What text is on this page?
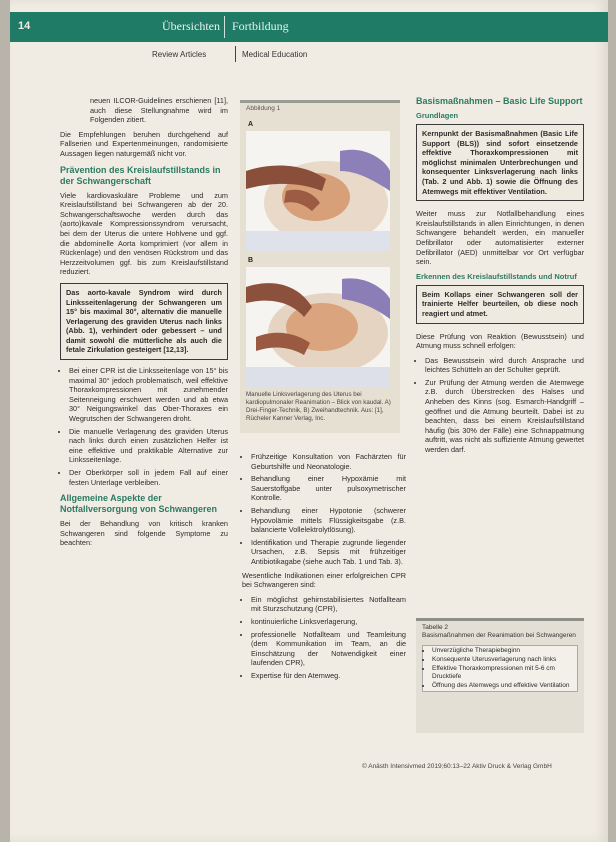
14	Übersichten Fortbildung
Review Articles	Medical Education

neuen ILCOR-Guidelines erschienen [11], auch diese Stellungnahme wird im Folgenden zitiert.

Die Empfehlungen beruhen durchgehend auf Fallserien und Expertenmeinungen, randomisierte Aussagen liegen naturgemäß nicht vor.

Prävention des Kreislaufstillstands in der Schwangerschaft

Viele kardiovaskuläre Probleme und zum Kreislaufstillstand bei Schwangeren ab der 20. Schwangerschaftswoche werden durch das (aorto)kavale Kompressionssyndrom verursacht, bei dem der Uterus die untere Hohlvene und ggf. die abdominelle Aorta komprimiert (vor allem in Rückenlage) und den venösen Rückstrom und das Herzzeitvolumen ggf. bis zum Kreislaufstillstand reduziert.

Das aorto-kavale Syndrom wird durch Linksseitenlagerung der Schwangeren um 15° bis maximal 30°, alternativ die manuelle Verlagerung des graviden Uterus nach links (Abb. 1), verhindert oder gebessert – und damit sowohl die mütterliche als auch die fetale Zirkulation gesteigert [12,13].

• Bei einer CPR ist die Linksseitenlage von 15° bis maximal 30° jedoch problematisch, weil effektive Thoraxkompressionen mit zunehmender Seitenneigung erschwert werden und ab etwa 30° Neigungswinkel das Ober-Thoraxes ein Wegrutschen der Schwangeren droht.
• Die manuelle Verlagerung des graviden Uterus nach links durch einen zusätzlichen Helfer ist eine effektive und praktikable Alternative zur Linksseitenlage.
• Der Oberkörper soll in jedem Fall auf einer festen Unterlage verbleiben.
Allgemeine Aspekte der Notfallversorgung von Schwangeren

Bei der Behandlung von kritisch kranken Schwangeren sind folgende Symptome zu beachten:

Abbildung 1
A
B
Manuelle Linksverlagerung des Uterus bei kardiopulmonaler Reanimation – Blick von kaudal. A) Drei-Finger-Technik, B) Zweihandtechnik. Aus: [1], Rücheler Kanner Verlag, Inc.
• Frühzeitige Konsultation von Fachärzten für Geburtshilfe und Neonatologie.
• Behandlung einer Hypoxämie mit Sauerstoffgabe unter pulsoxymetrischer Kontrolle.
• Behandlung einer Hypotonie (schwerer Hypovolämie mittels Flüssigkeitsgabe (z.B. balancierte Vollelektrolytlösung).
• Identifikation und Therapie zugrunde liegender Ursachen, z.B. Sepsis mit frühzeitiger Antibiotikagabe (siehe auch Tab. 1 und Tab. 3).

Wesentliche Indikationen einer erfolgreichen CPR bei Schwangeren sind:

• Ein möglichst gehirnstabilisiertes Notfallteam mit Sturzschutzung (CPR),
• kontinuierliche Linksverlagerung,
• professionelle Notfallteam und Teamleitung (dem Kommunikation im Team, an die Einschätzung der Notwendigkeit einer laufenden CPR),
• Expertise für den Atemweg.
Basismaßnahmen – Basic Life Support
Grundlagen

Kernpunkt der Basismaßnahmen (Basic Life Support (BLS)) sind sofort einsetzende effektive Thoraxkompressionen mit möglichst minimalen Unterbrechungen und konsequenter Linksverlagerung nach links (Tab. 2 und Abb. 1) sowie die Öffnung des Atemwegs mit effektiver Ventilation.

Weiter muss zur Notfallbehandlung eines Kreislaufstillstands in allen Einrichtungen, in denen Schwangere behandelt werden, ein manueller Defibrillator oder automatisierter externer Defibrillator (AED) unmittelbar vor Ort verfügbar sein.

Erkennen des Kreislaufstillstands und Notruf

Beim Kollaps einer Schwangeren soll der trainierte Helfer beurteilen, ob diese noch reagiert und atmet.

Diese Prüfung von Reaktion (Bewusstsein) und Atmung muss schnell erfolgen:

• Das Bewusstsein wird durch Ansprache und leichtes Schütteln an der Schulter geprüft.
• Zur Prüfung der Atmung werden die Atemwege z.B. durch Überstrecken des Halses und Anheben des Kinns (sog. Esmarch-Handgriff – geöffnet und die Atmung beurteilt. Dabei ist zu beachten, dass bei einem Kreislaufstillstand häufig (bis 30% der Fälle) eine Schnappatmung auftritt, was nicht als suffiziente Atmung gewertet werden darf.
Tabelle 2
Basismaßnahmen der Reanimation bei Schwangeren
• Unverzügliche Therapiebeginn
• Konsequente Uterusverlagerung nach links
• Effektive Thoraxkompressionen mit 5-6 cm Drucktiefe
• Öffnung des Atemwegs und effektive Ventilation
© Anästh Intensivmed 2019;60:13–22 Aktiv Druck & Verlag GmbH
